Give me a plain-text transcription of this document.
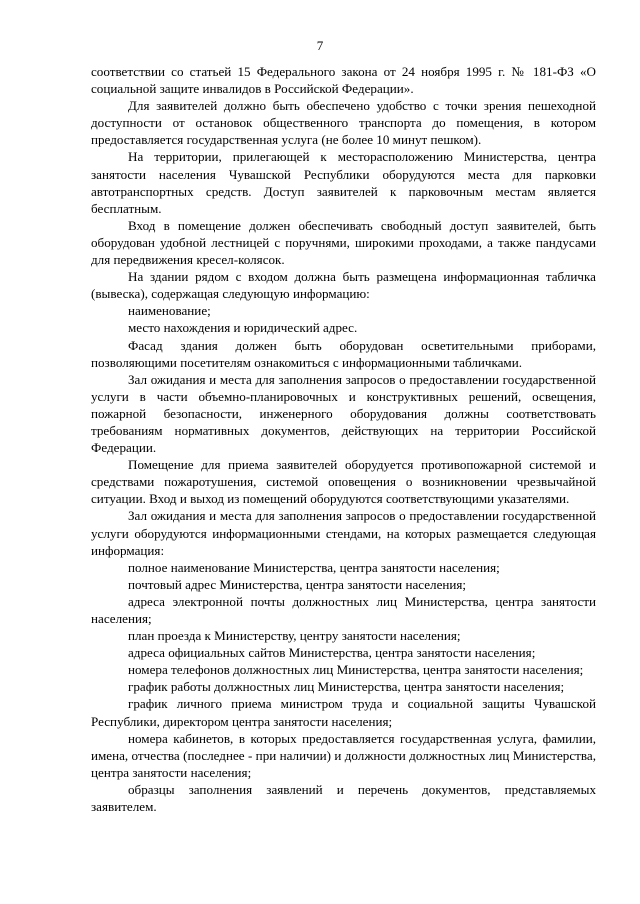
7

соответствии со статьей 15 Федерального закона от 24 ноября 1995 г. № 181-ФЗ «О социальной защите инвалидов в Российской Федерации».

Для заявителей должно быть обеспечено удобство с точки зрения пешеходной доступности от остановок общественного транспорта до помещения, в котором предоставляется государственная услуга (не более 10 минут пешком).

На территории, прилегающей к месторасположению Министерства, центра занятости населения Чувашской Республики оборудуются места для парковки автотранспортных средств. Доступ заявителей к парковочным местам является бесплатным.

Вход в помещение должен обеспечивать свободный доступ заявителей, быть оборудован удобной лестницей с поручнями, широкими проходами, а также пандусами для передвижения кресел-колясок.

На здании рядом с входом должна быть размещена информационная табличка (вывеска), содержащая следующую информацию:

наименование;

место нахождения и юридический адрес.

Фасад здания должен быть оборудован осветительными приборами, позволяющими посетителям ознакомиться с информационными табличками.

Зал ожидания и места для заполнения запросов о предоставлении государственной услуги в части объемно-планировочных и конструктивных решений, освещения, пожарной безопасности, инженерного оборудования должны соответствовать требованиям нормативных документов, действующих на территории Российской Федерации.

Помещение для приема заявителей оборудуется противопожарной системой и средствами пожаротушения, системой оповещения о возникновении чрезвычайной ситуации. Вход и выход из помещений оборудуются соответствующими указателями.

Зал ожидания и места для заполнения запросов о предоставлении государственной услуги оборудуются информационными стендами, на которых размещается следующая информация:

полное наименование Министерства, центра занятости населения;

почтовый адрес Министерства, центра занятости населения;

адреса электронной почты должностных лиц Министерства, центра занятости населения;

план проезда к Министерству, центру занятости населения;

адреса официальных сайтов Министерства, центра занятости населения;

номера телефонов должностных лиц Министерства, центра занятости населения;

график работы должностных лиц Министерства, центра занятости населения;

график личного приема министром труда и социальной защиты Чувашской Республики, директором центра занятости населения;

номера кабинетов, в которых предоставляется государственная услуга, фамилии, имена, отчества (последнее - при наличии) и должности должностных лиц Министерства, центра занятости населения;

образцы заполнения заявлений и перечень документов, представляемых заявителем.
